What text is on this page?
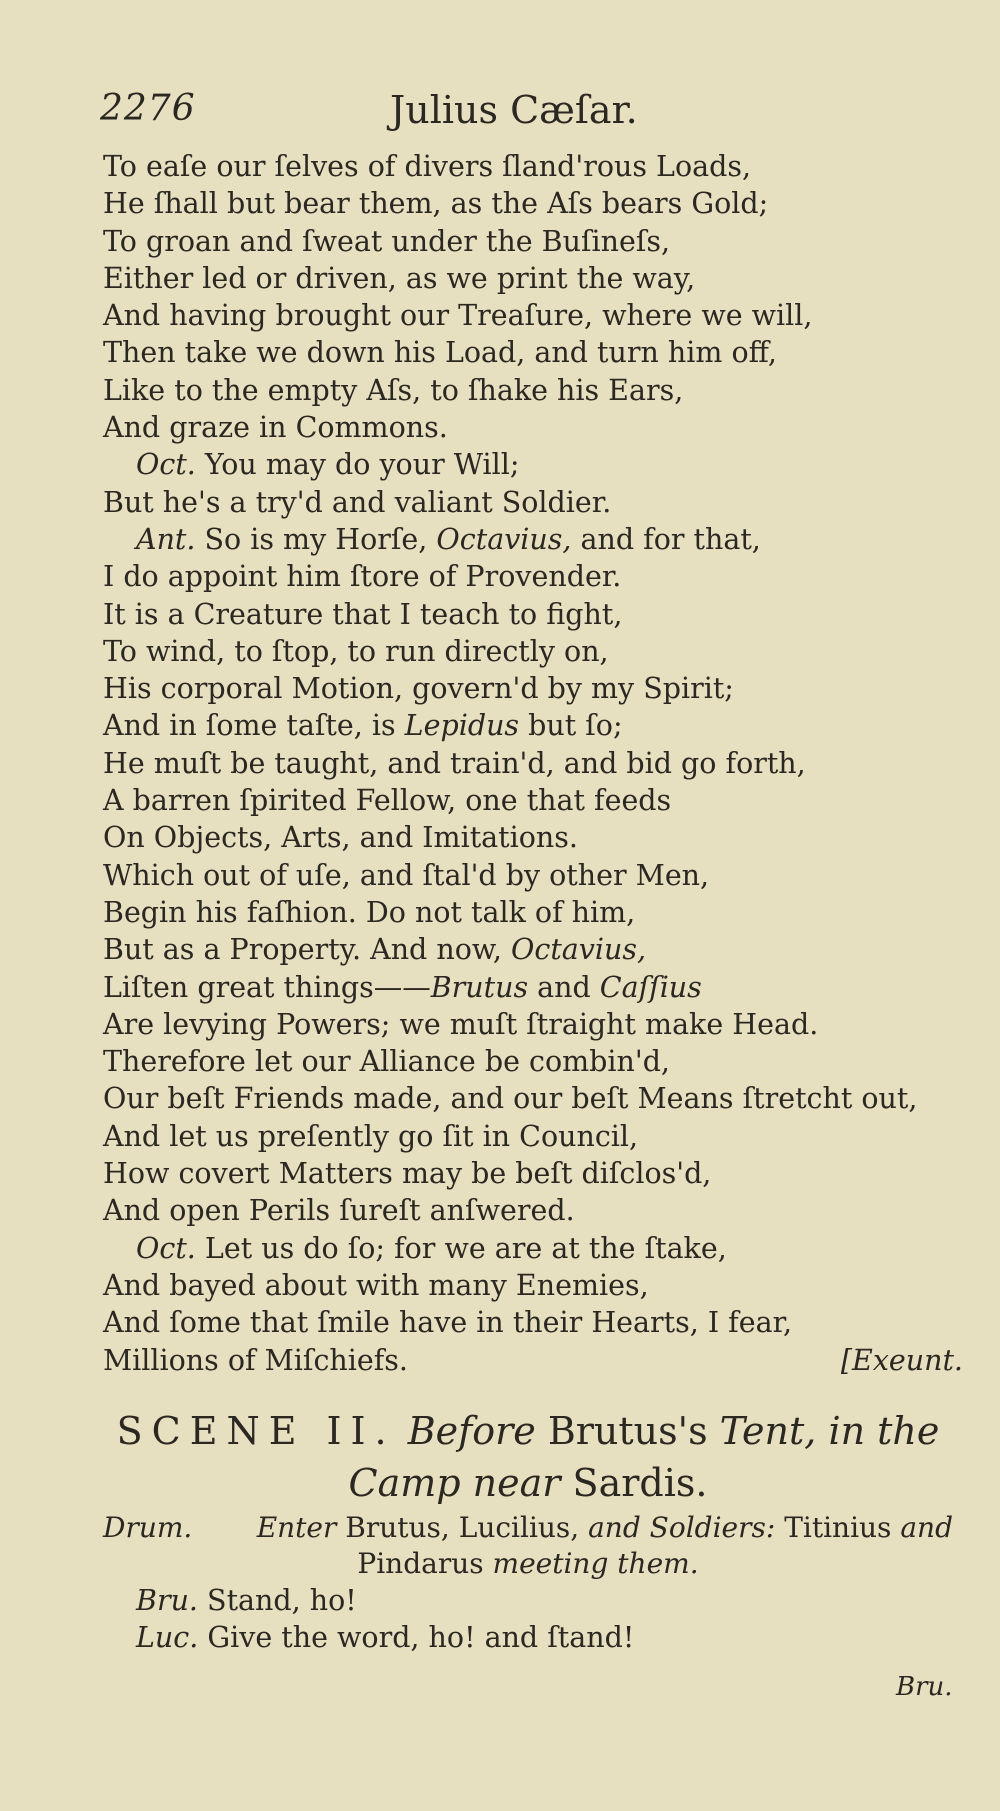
2276	Julius Cæſar.
To eaſe our ſelves of divers ſland'rous Loads,
He ſhall but bear them, as the Aſs bears Gold;
To groan and ſweat under the Buſineſs,
Either led or driven, as we print the way,
And having brought our Treaſure, where we will,
Then take we down his Load, and turn him off,
Like to the empty Aſs, to ſhake his Ears,
And graze in Commons.
Oct. You may do your Will;
But he's a try'd and valiant Soldier.
Ant. So is my Horſe, Octavius, and for that,
I do appoint him ſtore of Provender.
It is a Creature that I teach to fight,
To wind, to ſtop, to run directly on,
His corporal Motion, govern'd by my Spirit;
And in ſome taſte, is Lepidus but ſo;
He muſt be taught, and train'd, and bid go forth,
A barren ſpirited Fellow, one that feeds
On Objects, Arts, and Imitations.
Which out of uſe, and ſtal'd by other Men,
Begin his faſhion. Do not talk of him,
But as a Property. And now, Octavius,
Liſten great things——Brutus and Caſſius
Are levying Powers; we muſt ſtraight make Head.
Therefore let our Alliance be combin'd,
Our beſt Friends made, and our beſt Means ſtretcht out,
And let us preſently go ſit in Council,
How covert Matters may be beſt diſclos'd,
And open Perils ſureſt anſwered.
Oct. Let us do ſo; for we are at the ſtake,
And bayed about with many Enemies,
And ſome that ſmile have in their Hearts, I fear,
Millions of Miſchiefs.	[Exeunt.
SCENE II. Before Brutus's Tent, in the
Camp near Sardis.
Drum. Enter Brutus, Lucilius, and Soldiers: Titinius and
Pindarus meeting them.
Bru. Stand, ho!
Luc. Give the word, ho! and ſtand!
Bru.
